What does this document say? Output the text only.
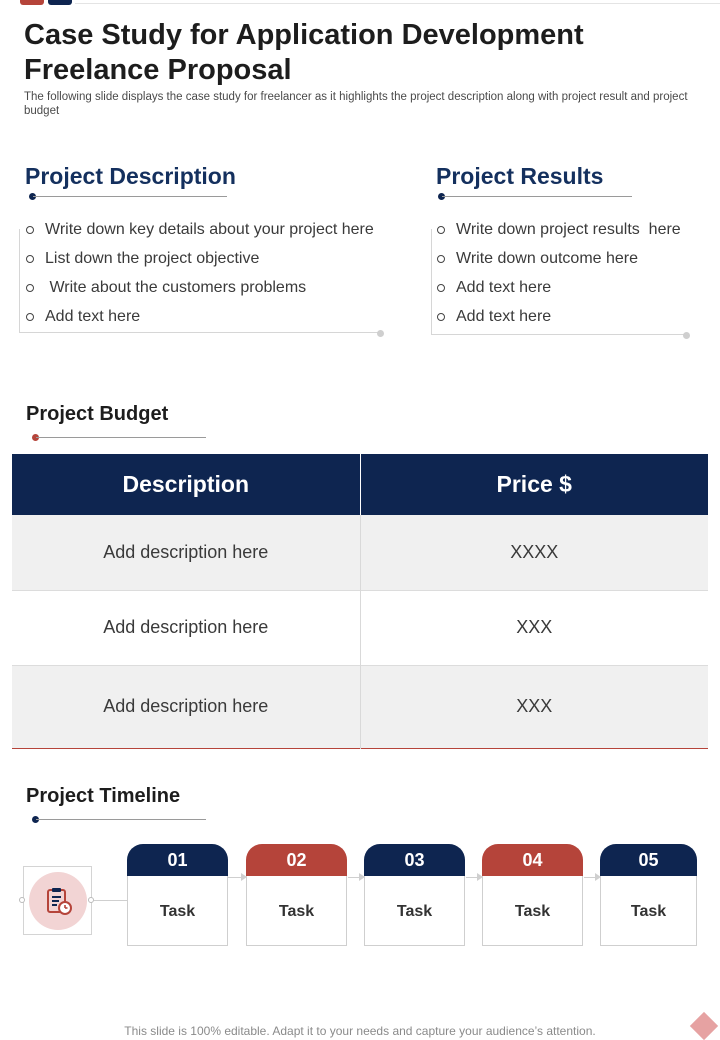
Case Study for Application Development Freelance Proposal

The following slide displays the case study for freelancer as it highlights the project description along with project result and project budget

Project Description
Write down key details about your project here
List down the project objective
Write about the customers problems
Add text here
Project Results
Write down project results  here
Write down outcome here
Add text here
Add text here
Project Budget
Description	Price $
Add description here	XXXX
Add description here	XXX
Add description here	XXX
Project Timeline
01
Task
02
Task
03
Task
04
Task
05
Task
This slide is 100% editable. Adapt it to your needs and capture your audience’s attention.
